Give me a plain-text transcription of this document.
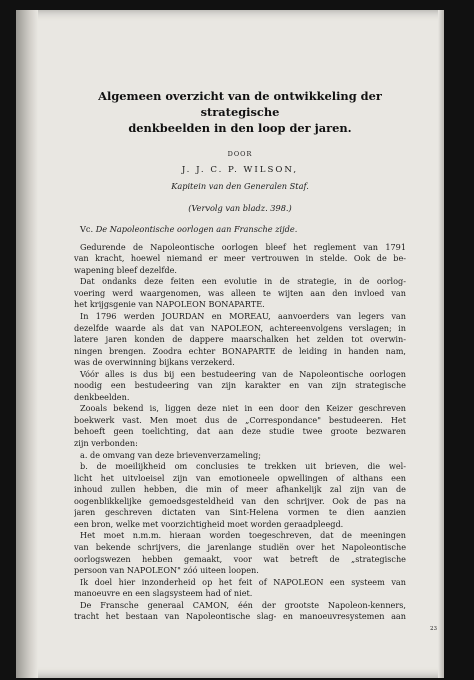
Algemeen overzicht van de ontwikkeling der strategische
denkbeelden in den loop der jaren.
DOOR
J. J. C. P. WILSON,
Kapitein van den Generalen Staf.
(Vervolg van bladz. 398.)
Vc. De Napoleontische oorlogen aan Fransche zijde.
Gedurende de Napoleontische oorlogen bleef het reglement van 1791
van kracht, hoewel niemand er meer vertrouwen in stelde. Ook de be-
wapening bleef dezelfde.
Dat ondanks deze feiten een evolutie in de strategie, in de oorlog-
voering werd waargenomen, was alleen te wijten aan den invloed van
het krijgsgenie van NAPOLEON BONAPARTE.
In 1796 werden JOURDAN en MOREAU, aanvoerders van legers van
dezelfde waarde als dat van NAPOLEON, achtereenvolgens verslagen; in
latere jaren konden de dappere maarschalken het zelden tot overwin-
ningen brengen. Zoodra echter BONAPARTE de leiding in handen nam,
was de overwinning bijkans verzekerd.
Vóór alles is dus bij een bestudeering van de Napoleontische oorlogen
noodig een bestudeering van zijn karakter en van zijn strategische
denkbeelden.
Zooals bekend is, liggen deze niet in een door den Keizer geschreven
boekwerk vast. Men moet dus de „Correspondance" bestudeeren. Het
behoeft geen toelichting, dat aan deze studie twee groote bezwaren
zijn verbonden:
a. de omvang van deze brievenverzameling;
b. de moeilijkheid om conclusies te trekken uit brieven, die wel-
licht het uitvloeisel zijn van emotioneele opwellingen of althans een
inhoud zullen hebben, die min of meer afhankelijk zal zijn van de
oogenblikkelijke gemoedsgesteldheid van den schrijver. Ook de pas na
jaren geschreven dictaten van Sint-Helena vormen te dien aanzien
een bron, welke met voorzichtigheid moet worden geraadpleegd.
Het moet n.m.m. hieraan worden toegeschreven, dat de meeningen
van bekende schrijvers, die jarenlange studiën over het Napoleontische
oorlogswezen hebben gemaakt, voor wat betreft de „strategische
persoon van NAPOLEON" zóó uiteen loopen.
Ik doel hier inzonderheid op het feit of NAPOLEON een systeem van
manoeuvre en een slagsysteem had of niet.
De Fransche generaal CAMON, één der grootste Napoleon-kenners,
tracht het bestaan van Napoleontische slag- en manoeuvresystemen aan
23
